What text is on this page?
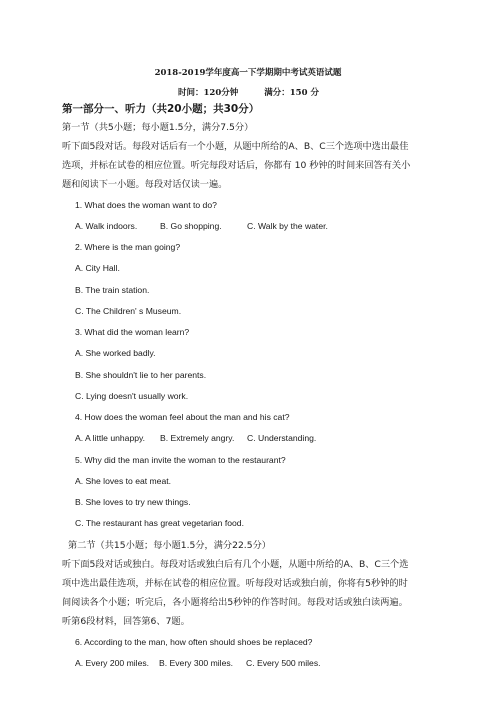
2018-2019学年度高一下学期期中考试英语试题
时间：120分钟	满分：150 分
第一部分一、听力（共20小题；共30分）
第一节（共5小题；每小题1.5分，满分7.5分）
听下面5段对话。每段对话后有一个小题，从题中所给的A、B、C三个选项中选出最佳
选项，并标在试卷的相应位置。听完每段对话后，你都有 10 秒钟的时间来回答有关小
题和阅读下一小题。每段对话仅读一遍。
1. What does the woman want to do?
A. Walk indoors.	B. Go shopping.	C. Walk by the water.
2. Where is the man going?
A. City Hall.
B. The train station.
C. The Children' s Museum.
3. What did the woman learn?
A. She worked badly.
B. She shouldn't lie to her parents.
C. Lying doesn't usually work.
4. How does the woman feel about the man and his cat?
A. A little unhappy. B. Extremely angry. C. Understanding.
5. Why did the man invite the woman to the restaurant?
A. She loves to eat meat.
B. She loves to try new things.
C. The restaurant has great vegetarian food.
第二节（共15小题；每小题1.5分，满分22.5分）
听下面5段对话或独白。每段对话或独白后有几个小题，从题中所给的A、B、C三个选
项中选出最佳选项，并标在试卷的相应位置。听每段对话或独白前，你将有5秒钟的时
间阅读各个小题；听完后，各小题将给出5秒钟的作答时间。每段对话或独白读两遍。
听第6段材料，回答第6、7题。
6. According to the man, how often should shoes be replaced?
A. Every 200 miles. B. Every 300 miles. C. Every 500 miles.
